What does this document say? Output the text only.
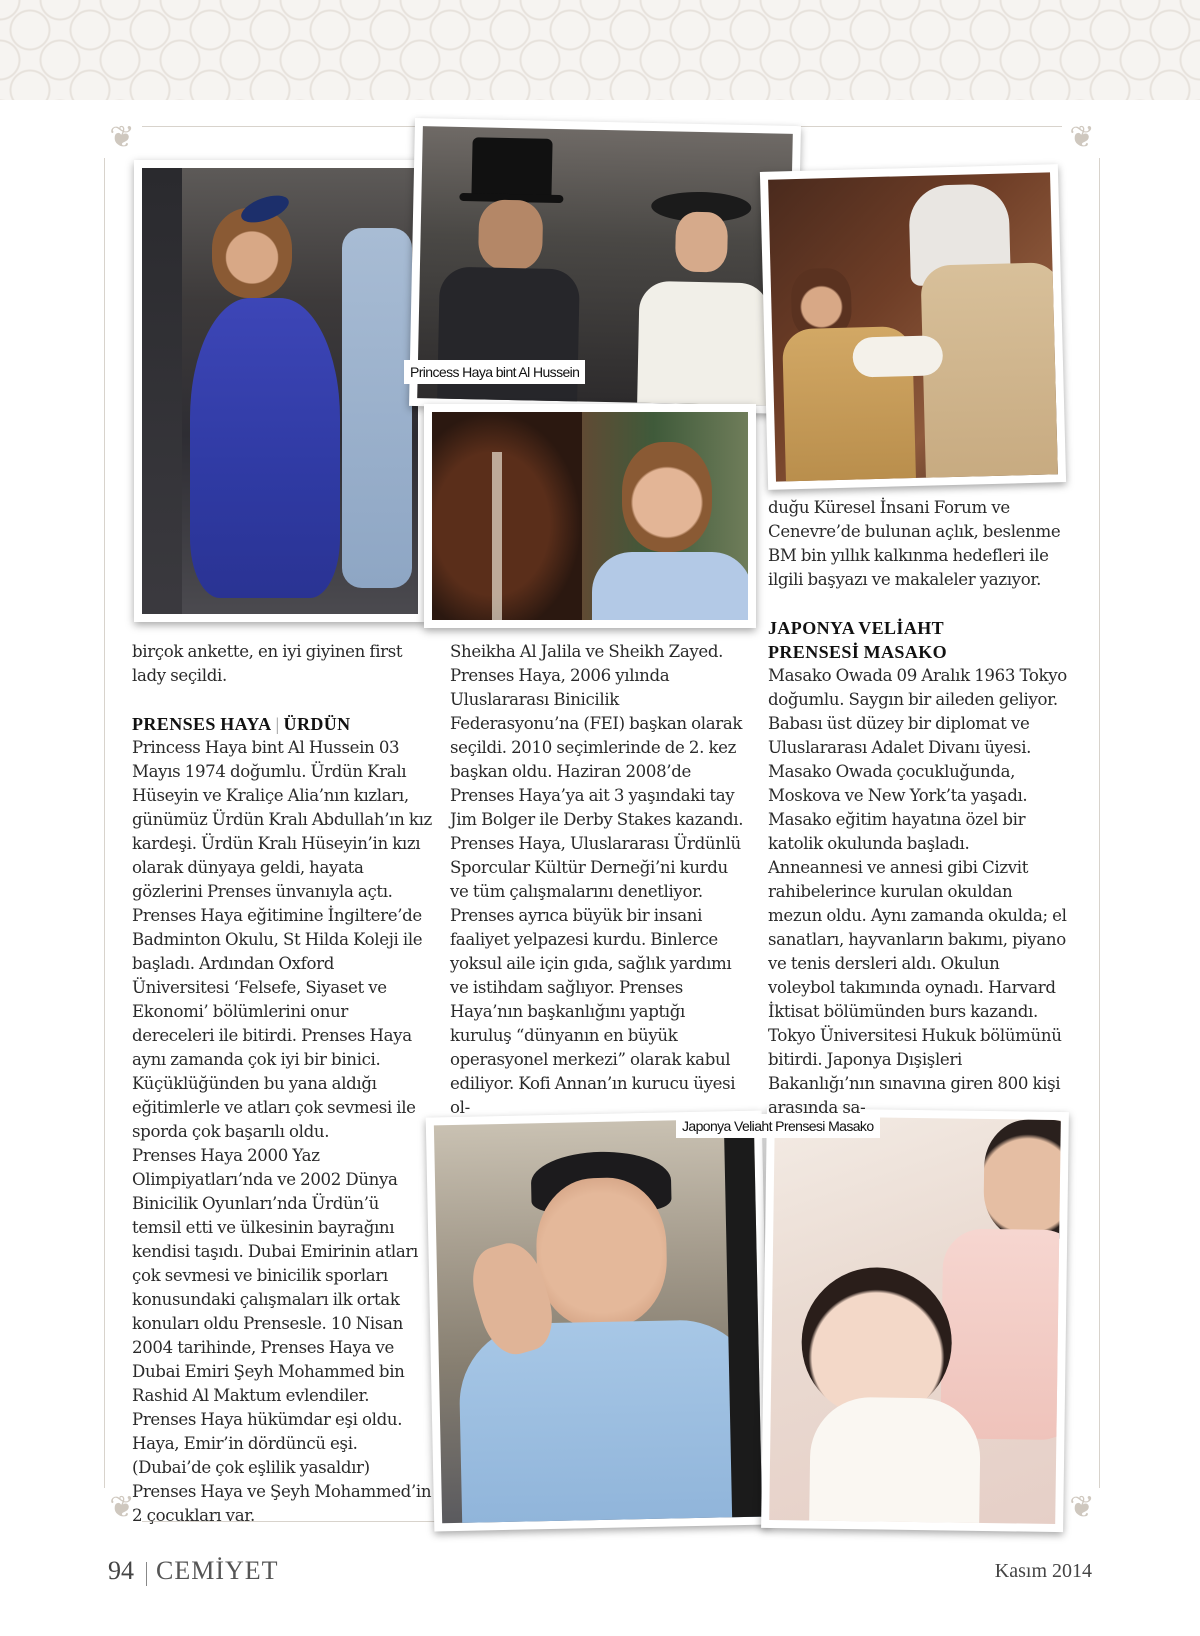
❦	❦
❦	❦
Princess Haya bint Al Hussein
Japonya Veliaht Prensesi Masako

birçok ankette, en iyi giyinen first lady seçildi.

PRENSES HAYA | ÜRDÜN

Princess Haya bint Al Hussein 03 Mayıs 1974 doğumlu. Ürdün Kralı Hüseyin ve Kraliçe Alia’nın kızları, günümüz Ürdün Kralı Abdullah’ın kız kardeşi. Ürdün Kralı Hüseyin’in kızı olarak dünyaya geldi, hayata gözlerini Prenses ünvanıyla açtı. Prenses Haya eğitimine İngiltere’de Badminton Okulu, St Hilda Koleji ile başladı. Ardından Oxford Üniversitesi ‘Felsefe, Siyaset ve Ekonomi’ bölümlerini onur dereceleri ile bitirdi. Prenses Haya aynı zamanda çok iyi bir binici. Küçüklüğünden bu yana aldığı eğitimlerle ve atları çok sevmesi ile sporda çok başarılı oldu.

Prenses Haya 2000 Yaz Olimpiyatları’nda ve 2002 Dünya Binicilik Oyunları’nda Ürdün’ü temsil etti ve ülkesinin bayrağını kendisi taşıdı. Dubai Emirinin atları çok sevmesi ve binicilik sporları konusundaki çalışmaları ilk ortak konuları oldu Prensesle. 10 Nisan 2004 tarihinde, Prenses Haya ve Dubai Emiri Şeyh Mohammed bin Rashid Al Maktum evlendiler. Prenses Haya hükümdar eşi oldu. Haya, Emir’in dördüncü eşi. (Dubai’de çok eşlilik yasaldır) Prenses Haya ve Şeyh Mohammed’in 2 çocukları var.

Sheikha Al Jalila ve Sheikh Zayed. Prenses Haya, 2006 yılında Uluslararası Binicilik Federasyonu’na (FEI) başkan olarak seçildi. 2010 seçimlerinde de 2. kez başkan oldu. Haziran 2008’de Prenses Haya’ya ait 3 yaşındaki tay Jim Bolger ile Derby Stakes kazandı. Prenses Haya, Uluslararası Ürdünlü Sporcular Kültür Derneği’ni kurdu ve tüm çalışmalarını denetliyor. Prenses ayrıca büyük bir insani faaliyet yelpazesi kurdu. Binlerce yoksul aile için gıda, sağlık yardımı ve istihdam sağlıyor. Prenses Haya’nın başkanlığını yaptığı kuruluş “dünyanın en büyük operasyonel merkezi” olarak kabul ediliyor. Kofi Annan’ın kurucu üyesi ol-

duğu Küresel İnsani Forum ve Cenevre’de bulunan açlık, beslenme BM bin yıllık kalkınma hedefleri ile ilgili başyazı ve makaleler yazıyor.

JAPONYA VELİAHT
PRENSESİ MASAKO

Masako Owada 09 Aralık 1963 Tokyo doğumlu. Saygın bir aileden geliyor. Babası üst düzey bir diplomat ve Uluslararası Adalet Divanı üyesi. Masako Owada çocukluğunda, Moskova ve New York’ta yaşadı. Masako eğitim hayatına özel bir katolik okulunda başladı. Anneannesi ve annesi gibi Cizvit rahibelerince kurulan okuldan mezun oldu. Aynı zamanda okulda; el sanatları, hayvanların bakımı, piyano ve tenis dersleri aldı. Okulun voleybol takımında oynadı. Harvard İktisat bölümünden burs kazandı. Tokyo Üniversitesi Hukuk bölümünü bitirdi. Japonya Dışişleri Bakanlığı’nın sınavına giren 800 kişi arasında sa-

94 CEMİYET	Kasım 2014
